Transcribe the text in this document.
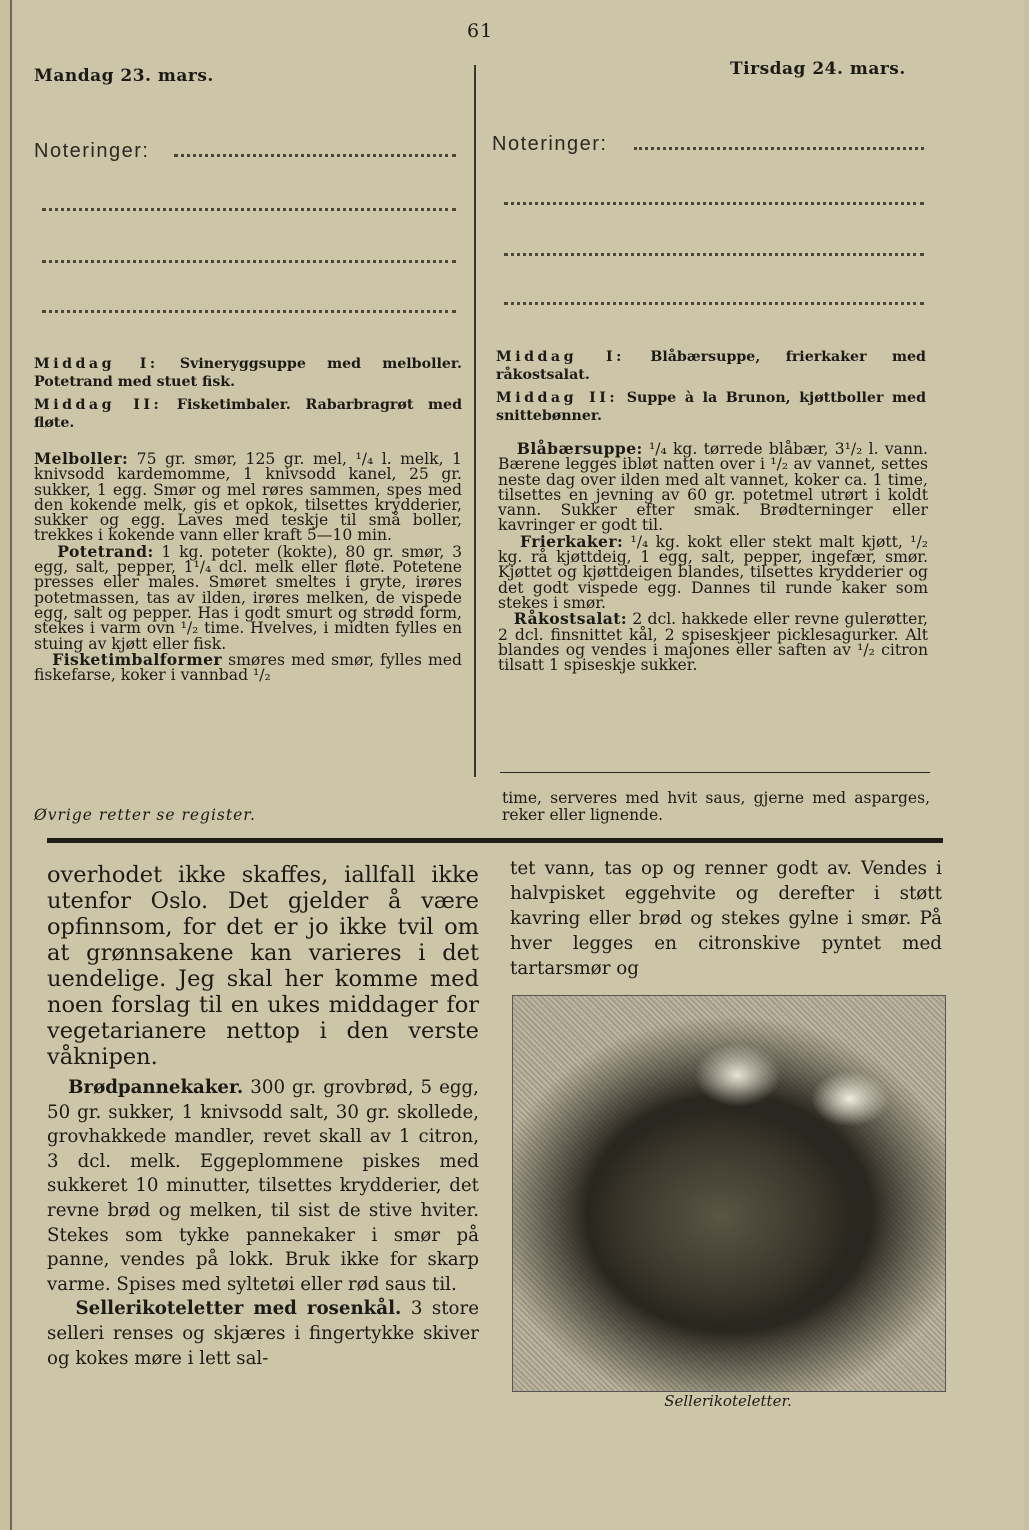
61
Mandag 23. mars.
Noteringer:

Middag I: Svineryggsuppe med melboller. Potetrand med stuet fisk.

Middag II: Fisketimbaler. Rabarbragrøt med fløte.

Melboller: 75 gr. smør, 125 gr. mel, ¹/₄ l. melk, 1 knivsodd kardemomme, 1 knivsodd kanel, 25 gr. sukker, 1 egg. Smør og mel røres sammen, spes med den kokende melk, gis et opkok, tilsettes krydderier, sukker og egg. Laves med teskje til små boller, trekkes i kokende vann eller kraft 5—10 min.

Potetrand: 1 kg. poteter (kokte), 80 gr. smør, 3 egg, salt, pepper, 1¹/₄ dcl. melk eller fløte. Potetene presses eller males. Smøret smeltes i gryte, irøres potetmassen, tas av ilden, irøres melken, de vispede egg, salt og pepper. Has i godt smurt og strødd form, stekes i varm ovn ¹/₂ time. Hvelves, i midten fylles en stuing av kjøtt eller fisk.

Fisketimbalformer smøres med smør, fylles med fiskefarse, koker i vannbad ¹/₂

Øvrige retter se register.
Tirsdag 24. mars.
Noteringer:

Middag I: Blåbærsuppe, frierkaker med råkostsalat.

Middag II: Suppe à la Brunon, kjøttboller med snittebønner.

Blåbærsuppe: ¹/₄ kg. tørrede blåbær, 3¹/₂ l. vann. Bærene legges ibløt natten over i ¹/₂ av vannet, settes neste dag over ilden med alt vannet, koker ca. 1 time, tilsettes en jevning av 60 gr. potetmel utrørt i koldt vann. Sukker efter smak. Brødterninger eller kavringer er godt til.

Frierkaker: ¹/₄ kg. kokt eller stekt malt kjøtt, ¹/₂ kg. rå kjøttdeig, 1 egg, salt, pepper, ingefær, smør. Kjøttet og kjøttdeigen blandes, tilsettes krydderier og det godt vispede egg. Dannes til runde kaker som stekes i smør.

Råkostsalat: 2 dcl. hakkede eller revne gulerøtter, 2 dcl. finsnittet kål, 2 spiseskjeer picklesagurker. Alt blandes og vendes i majones eller saften av ¹/₂ citron tilsatt 1 spiseskje sukker.

time, serveres med hvit saus, gjerne med asparges, reker eller lignende.

overhodet ikke skaffes, iallfall ikke utenfor Oslo. Det gjelder å være opfinnsom, for det er jo ikke tvil om at grønnsakene kan varieres i det uendelige. Jeg skal her komme med noen forslag til en ukes middager for vegetarianere nettop i den verste våknipen.

Brødpannekaker. 300 gr. grovbrød, 5 egg, 50 gr. sukker, 1 knivsodd salt, 30 gr. skollede, grovhakkede mandler, revet skall av 1 citron, 3 dcl. melk. Eggeplommene piskes med sukkeret 10 minutter, tilsettes krydderier, det revne brød og melken, til sist de stive hviter. Stekes som tykke pannekaker i smør på panne, vendes på lokk. Bruk ikke for skarp varme. Spises med syltetøi eller rød saus til.

Sellerikoteletter med rosenkål. 3 store selleri renses og skjæres i fingertykke skiver og kokes møre i lett sal-

tet vann, tas op og renner godt av. Vendes i halvpisket eggehvite og derefter i støtt kavring eller brød og stekes gylne i smør. På hver legges en citronskive pyntet med tartarsmør og
Sellerikoteletter.
